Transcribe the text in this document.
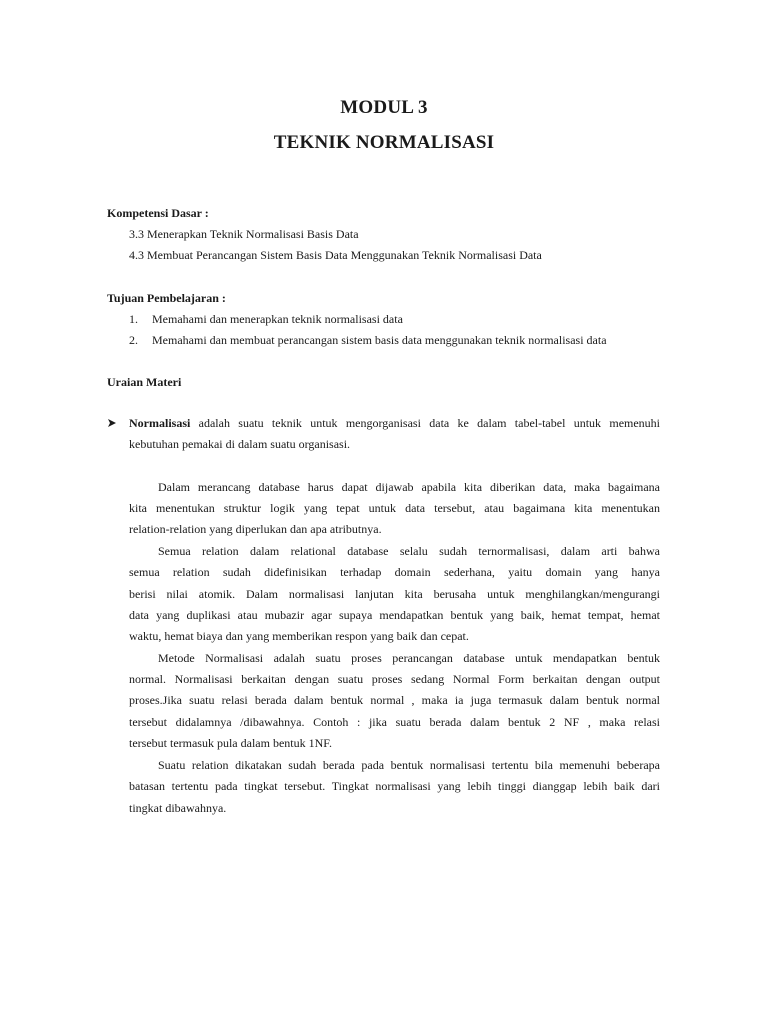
MODUL 3
TEKNIK NORMALISASI
Kompetensi Dasar :
3.3 Menerapkan Teknik Normalisasi Basis Data
4.3 Membuat Perancangan Sistem Basis Data Menggunakan Teknik Normalisasi Data
Tujuan Pembelajaran :
1. Memahami dan menerapkan teknik normalisasi data
2. Memahami dan membuat perancangan sistem basis data menggunakan teknik normalisasi data
Uraian Materi
Normalisasi adalah suatu teknik untuk mengorganisasi data ke dalam tabel-tabel untuk memenuhi
kebutuhan pemakai di dalam suatu organisasi.
Dalam merancang database harus dapat dijawab apabila kita diberikan data, maka bagaimana
kita menentukan struktur logik yang tepat untuk data tersebut, atau bagaimana kita menentukan
relation-relation yang diperlukan dan apa atributnya.
Semua relation dalam relational database selalu sudah ternormalisasi, dalam arti bahwa
semua relation sudah didefinisikan terhadap domain sederhana, yaitu domain yang hanya
berisi nilai atomik. Dalam normalisasi lanjutan kita berusaha untuk menghilangkan/mengurangi
data yang duplikasi atau mubazir agar supaya mendapatkan bentuk yang baik, hemat tempat, hemat
waktu, hemat biaya dan yang memberikan respon yang baik dan cepat.
Metode Normalisasi adalah suatu proses perancangan database untuk mendapatkan bentuk
normal. Normalisasi berkaitan dengan suatu proses sedang Normal Form berkaitan dengan output
proses.Jika suatu relasi berada dalam bentuk normal , maka ia juga termasuk dalam bentuk normal
tersebut didalamnya /dibawahnya. Contoh : jika suatu berada dalam bentuk 2 NF , maka relasi
tersebut termasuk pula dalam bentuk 1NF.
Suatu relation dikatakan sudah berada pada bentuk normalisasi tertentu bila memenuhi beberapa
batasan tertentu pada tingkat tersebut. Tingkat normalisasi yang lebih tinggi dianggap lebih baik dari
tingkat dibawahnya.
